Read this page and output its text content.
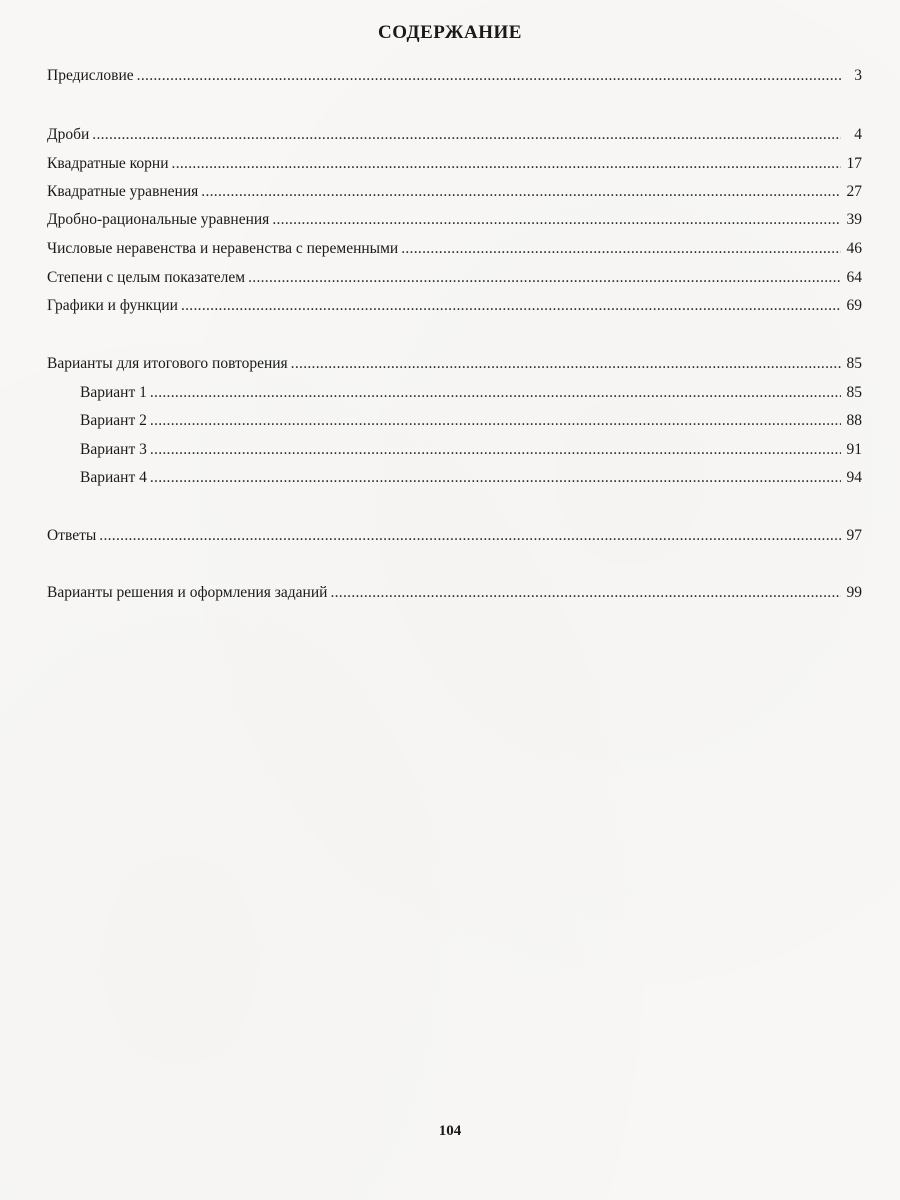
СОДЕРЖАНИЕ
Предисловие .....	3
Дроби .....	4
Квадратные корни .....	17
Квадратные уравнения .....	27
Дробно-рациональные уравнения .....	39
Числовые неравенства и неравенства с переменными .....	46
Степени с целым показателем .....	64
Графики и функции .....	69
Варианты для итогового повторения .....	85
Вариант 1 .....	85
Вариант 2 .....	88
Вариант 3 .....	91
Вариант 4 .....	94
Ответы .....	97
Варианты решения и оформления заданий .....	99
104
